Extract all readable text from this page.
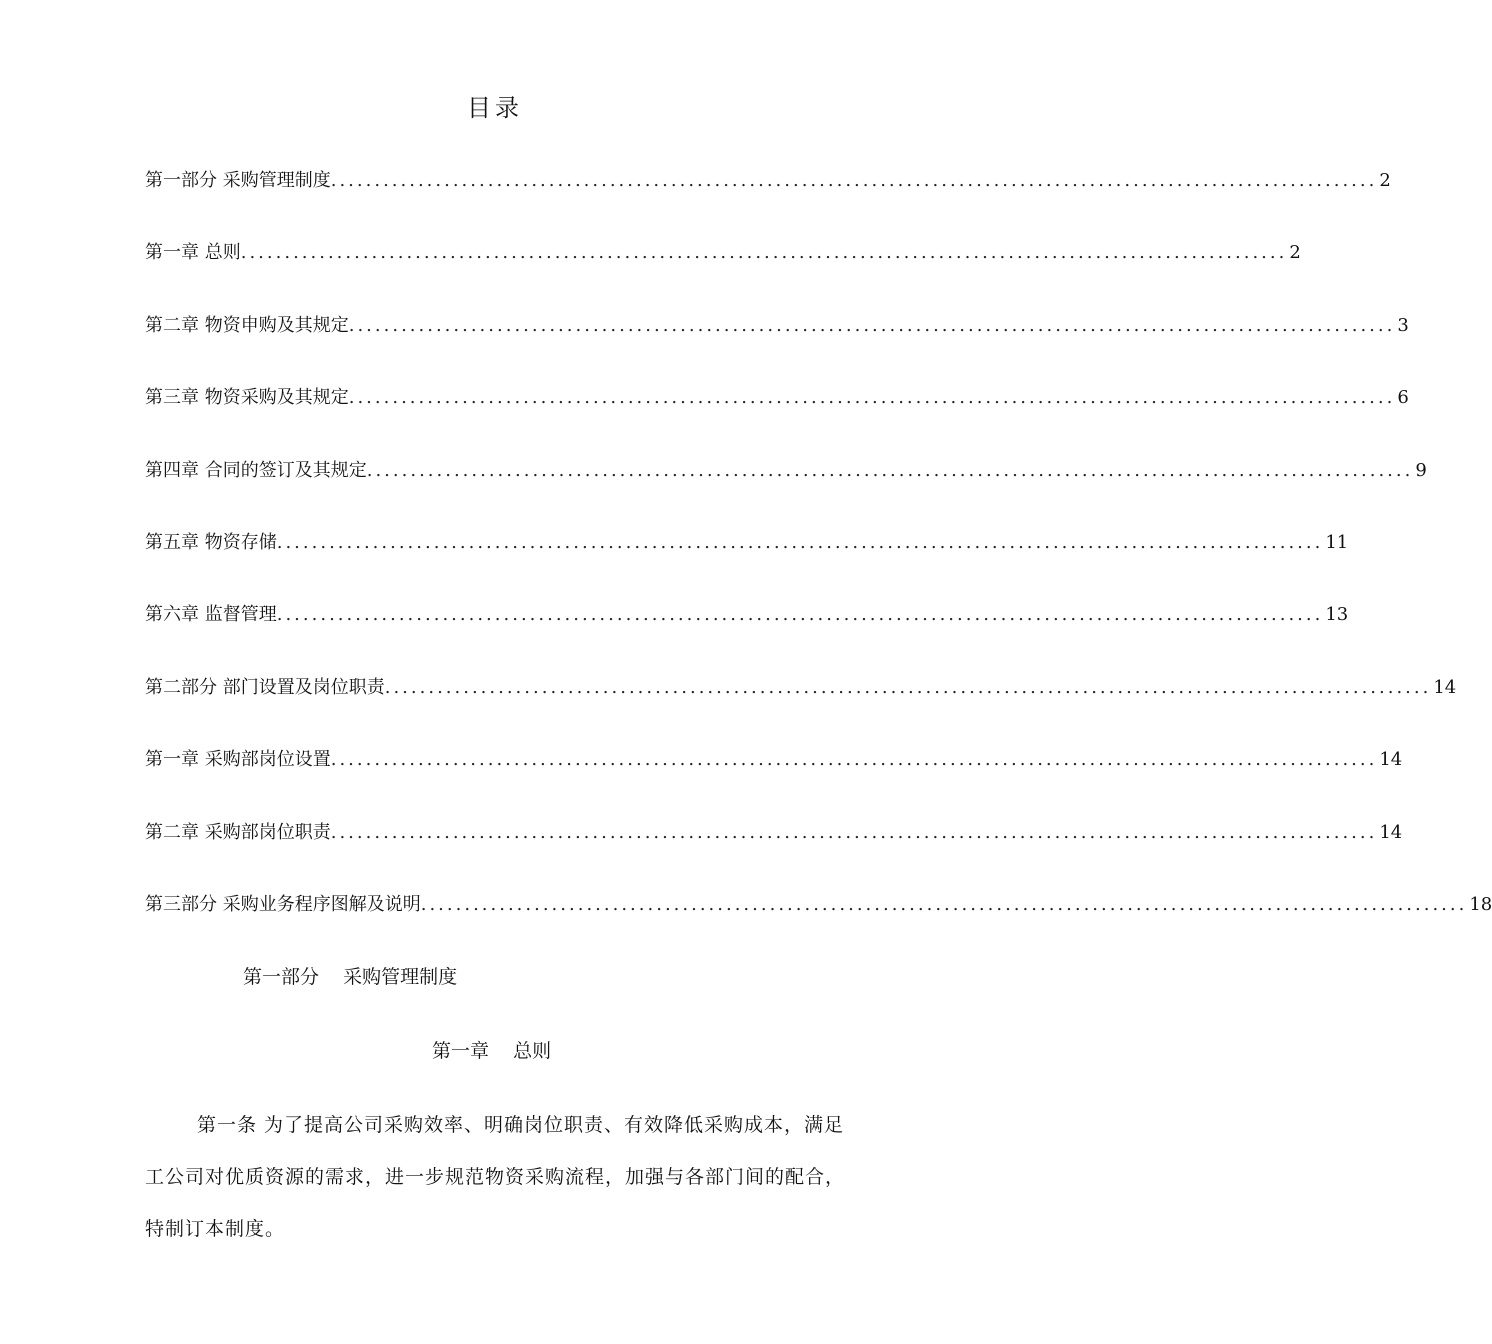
目录
第一部分 采购管理制度 ........................................................................................................................ 2
第一章 总则 ........................................................................................................................ 2
第二章 物资申购及其规定 ........................................................................................................................ 3
第三章 物资采购及其规定 ........................................................................................................................ 6
第四章 合同的签订及其规定 ........................................................................................................................ 9
第五章 物资存储 ........................................................................................................................ 11
第六章 监督管理 ........................................................................................................................ 13
第二部分 部门设置及岗位职责 ........................................................................................................................ 14
第一章 采购部岗位设置 ........................................................................................................................ 14
第二章 采购部岗位职责 ........................................................................................................................ 14
第三部分 采购业务程序图解及说明 ........................................................................................................................ 18
第一部分    采购管理制度
第一章    总则

第一条 为了提高公司采购效率、明确岗位职责、有效降低采购成本，满足工公司对优质资源的需求，进一步规范物资采购流程，加强与各部门间的配合，特制订本制度。
